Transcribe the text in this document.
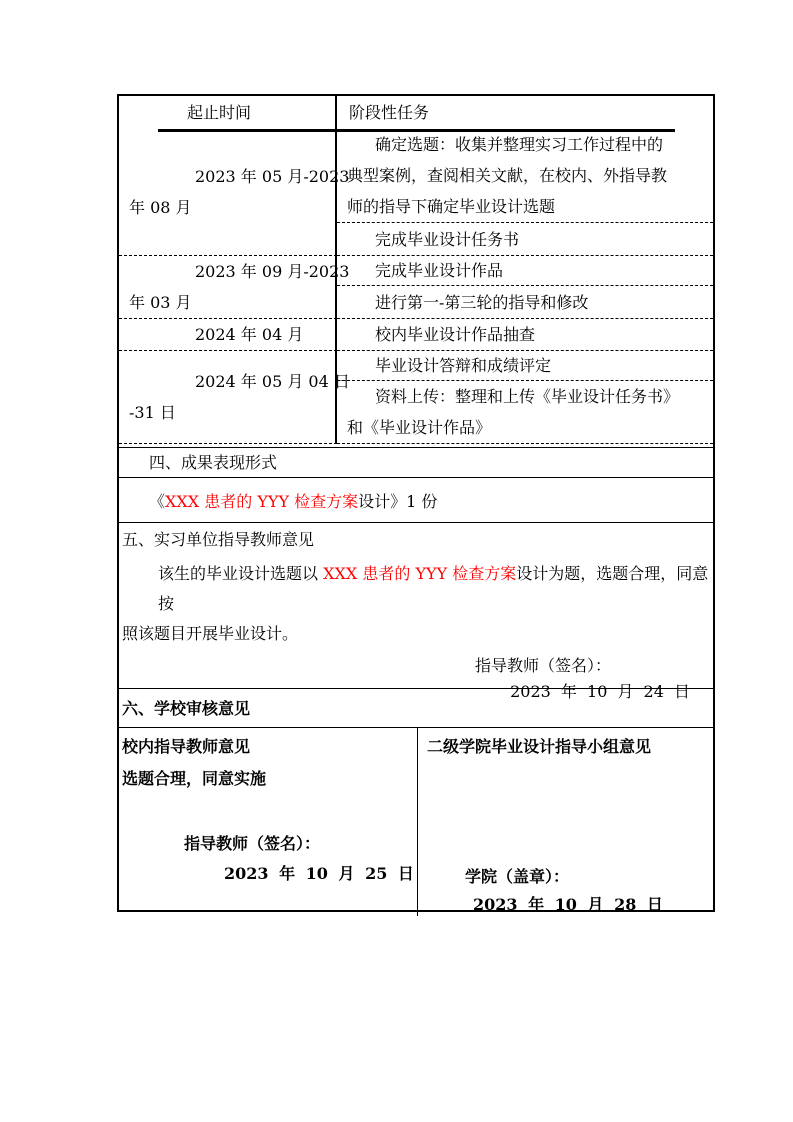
起止时间	阶段性任务
2023 年 05 月-2023
年 08 月
确定选题：收集并整理实习工作过程中的
典型案例，查阅相关文献，在校内、外指导教
师的指导下确定毕业设计选题
完成毕业设计任务书
2023 年 09 月-2023
年 03 月
完成毕业设计作品
进行第一-第三轮的指导和修改
2024 年 04 月	校内毕业设计作品抽查
2024 年 05 月 04 日
-31 日
毕业设计答辩和成绩评定
资料上传：整理和上传《毕业设计任务书》
和《毕业设计作品》
四、成果表现形式
《 XXX 患者的 YYY 检查方案 设计》1 份
五、实习单位指导教师意见
该生的毕业设计选题以 XXX 患者的 YYY 检查方案设计为题，选题合理，同意按
照该题目开展毕业设计。
指导教师（签名）：
2023 年 10 月 24 日
六、学校审核意见
校内指导教师意见
选题合理，同意实施
指导教师（签名）：
2023 年 10 月 25 日
二级学院毕业设计指导小组意见
学院（盖章）：
2023 年 10 月 28 日
